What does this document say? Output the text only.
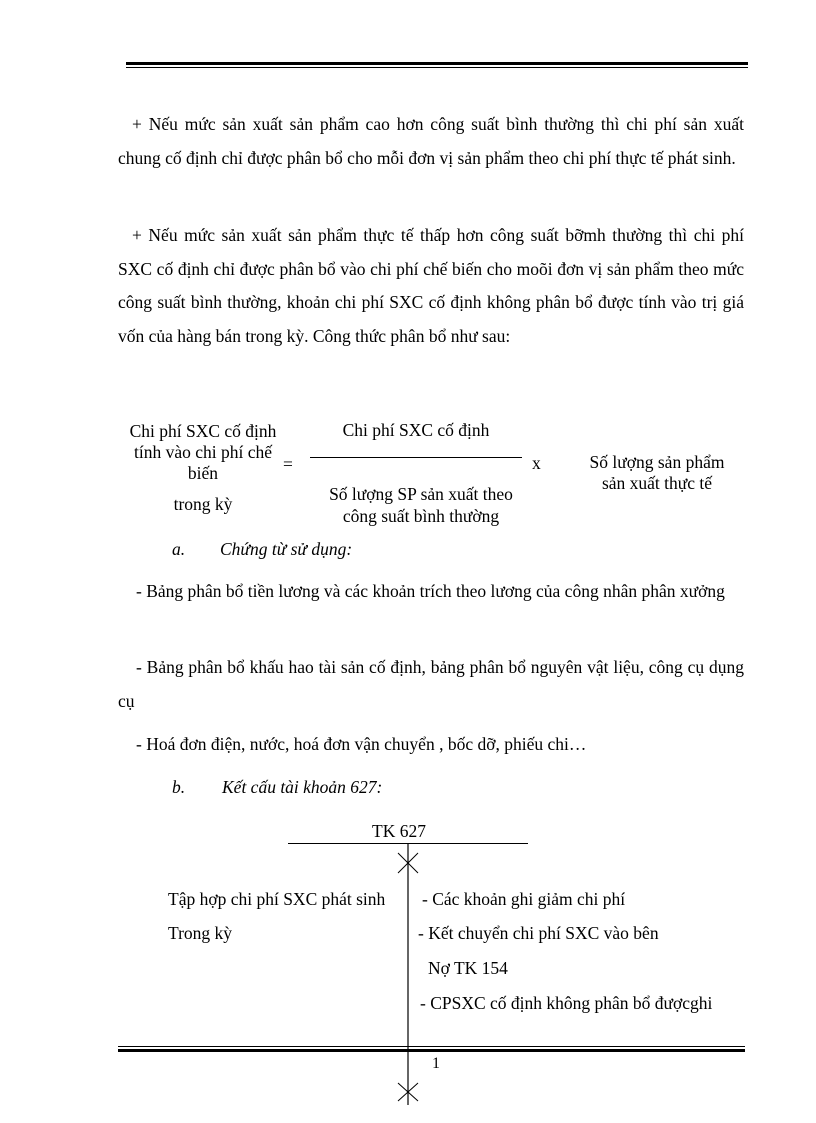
+ Nếu mức sản xuất sản phẩm cao hơn công suất bình thường thì chi phí sản xuất chung cố định chỉ được phân bổ cho mỗi đơn vị sản phẩm theo chi phí thực tế phát sinh.

+ Nếu mức sản xuất sản phẩm thực tế thấp hơn công suất bỡmh thường thì chi phí SXC cố định chỉ được phân bổ vào chi phí chế biến cho moõi đơn vị sản phẩm theo mức công suất bình thường, khoản chi phí SXC cố định không phân bổ được tính vào trị giá vốn của hàng bán trong kỳ. Công thức phân bổ như sau:

Chi phí SXC cố định
tính vào chi phí chế
biến
trong kỳ
=
Chi phí SXC cố định
Số lượng SP sản xuất theo
công suất bình thường
x	Số lượng sản phẩm
sản xuất thực tế
a. Chứng từ sử dụng:

- Bảng phân bổ tiền lương và các khoản trích theo lương của công nhân phân xưởng

- Bảng phân bổ khấu hao tài sản cố định, bảng phân bổ nguyên vật liệu, công cụ dụng cụ

- Hoá đơn điện, nước, hoá đơn vận chuyển , bốc dỡ, phiếu chi…

b. Kết cấu tài khoản 627:
TK 627
Tập hợp chi phí SXC phát sinh
Trong kỳ
- Các khoản ghi giảm chi phí
- Kết chuyển chi phí SXC vào bên
Nợ TK 154
- CPSXC cố định không phân bổ đượcghi
1
